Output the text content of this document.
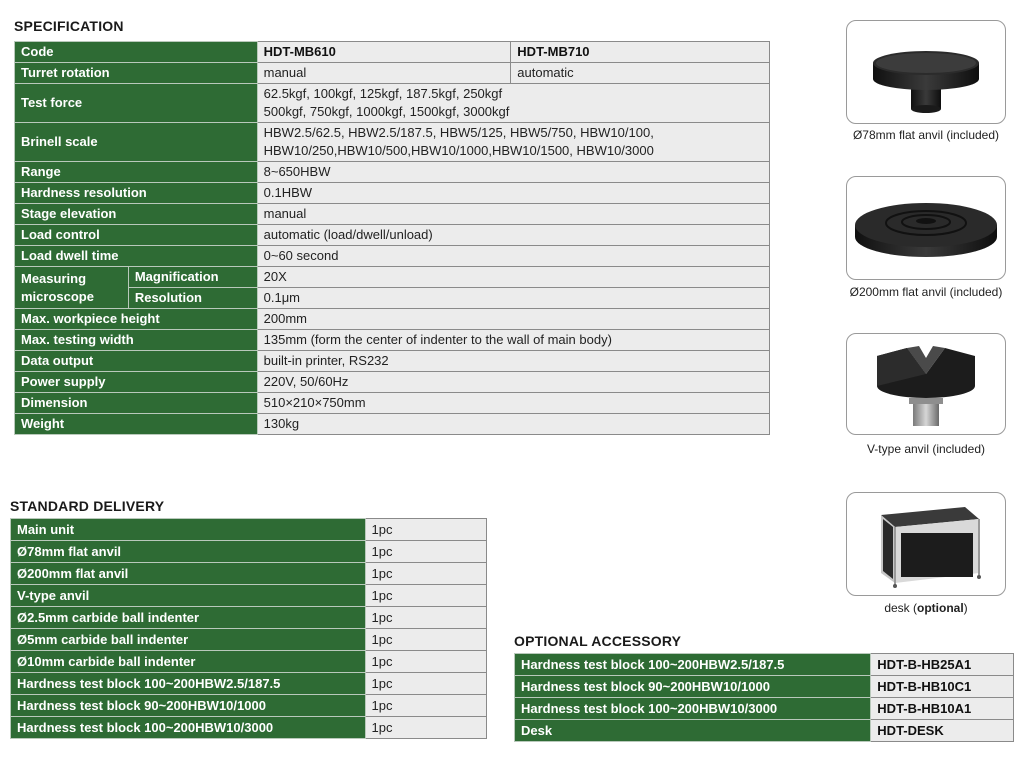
SPECIFICATION
Code		HDT-MB610	HDT-MB710
Turret rotation		manual	automatic
Test force		62.5kgf, 100kgf, 125kgf, 187.5kgf, 250kgf
500kgf, 750kgf, 1000kgf, 1500kgf, 3000kgf	

Brinell scale		HBW2.5/62.5, HBW2.5/187.5, HBW5/125, HBW5/750, HBW10/100,
HBW10/250,HBW10/500,HBW10/1000,HBW10/1500, HBW10/3000	

Range		8~650HBW	
Hardness resolution		0.1HBW	
Stage elevation		manual	
Load control		automatic (load/dwell/unload)	
Load dwell time		0~60 second	

Measuring
microscope	Magnification	20X	
	Resolution	0.1μm	
Max. workpiece height		200mm	
Max. testing width		135mm (form the center of indenter to the wall of main body)	
Data output		built-in printer, RS232	
Power supply		220V, 50/60Hz	
Dimension		510×210×750mm	
Weight		130kg	
STANDARD DELIVERY
Main unit	1pc
Ø78mm flat anvil	1pc
Ø200mm flat anvil	1pc
V-type anvil	1pc
Ø2.5mm carbide ball indenter	1pc
Ø5mm carbide ball indenter	1pc
Ø10mm carbide ball indenter	1pc
Hardness test block 100~200HBW2.5/187.5	1pc
Hardness test block 90~200HBW10/1000	1pc
Hardness test block 100~200HBW10/3000	1pc
OPTIONAL ACCESSORY
Hardness test block 100~200HBW2.5/187.5	HDT-B-HB25A1
Hardness test block 90~200HBW10/1000	HDT-B-HB10C1
Hardness test block 100~200HBW10/3000	HDT-B-HB10A1
Desk	HDT-DESK
Ø78mm flat anvil (included)
Ø200mm flat anvil (included)
V-type anvil (included)
desk (optional)
